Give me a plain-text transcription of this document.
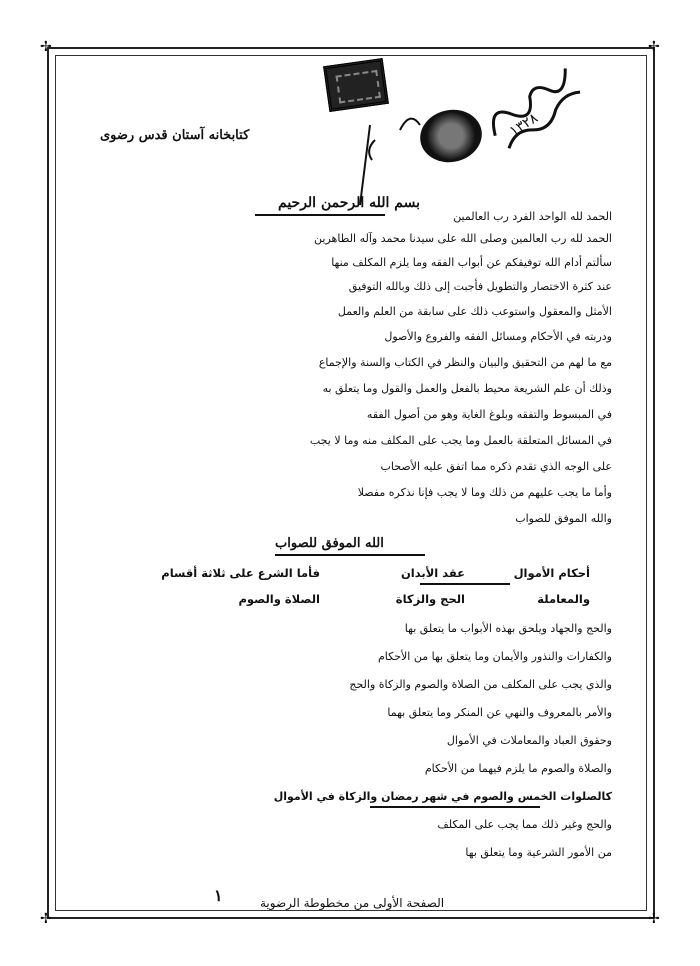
✢	✢
✢	✢
١٣٢٨
كتابخانه آستان قدس رضوی
بسم الله الرحمن الرحيم
الحمد لله الواحد الفرد رب العالمين
الحمد لله رب العالمين وصلى الله على سيدنا محمد وآله الطاهرين
سألتم أدام الله توفيقكم عن أبواب الفقه وما يلزم المكلف منها
عند كثرة الاختصار والتطويل فأجبت إلى ذلك وبالله التوفيق
الأمثل والمعقول واستوعب ذلك على سابقة من العلم والعمل
ودربته في الأحكام ومسائل الفقه والفروع والأصول
مع ما لهم من التحقيق والبيان والنظر في الكتاب والسنة والإجماع
وذلك أن علم الشريعة محيط بالفعل والعمل والقول وما يتعلق به
في المبسوط والتفقه وبلوغ الغاية وهو من أصول الفقه
في المسائل المتعلقة بالعمل وما يجب على المكلف منه وما لا يجب
على الوجه الذي تقدم ذكره مما اتفق عليه الأصحاب
وأما ما يجب عليهم من ذلك وما لا يجب فإنا نذكره مفصلا
والله الموفق للصواب
الله الموفق للصواب
فأما الشرع على ثلاثة أقسام	عقد الأبدان	أحكام الأموال
الصلاة والصوم	الحج والزكاة	والمعاملة
والحج والجهاد ويلحق بهذه الأبواب ما يتعلق بها
والكفارات والنذور والأيمان وما يتعلق بها من الأحكام
والذي يجب على المكلف من الصلاة والصوم والزكاة والحج
والأمر بالمعروف والنهي عن المنكر وما يتعلق بهما
وحقوق العباد والمعاملات في الأموال
والصلاة والصوم ما يلزم فيهما من الأحكام
كالصلوات الخمس والصوم في شهر رمضان والزكاة في الأموال
والحج وغير ذلك مما يجب على المكلف
من الأمور الشرعية وما يتعلق بها
١	الصفحة الأولى من مخطوطة الرضوية
